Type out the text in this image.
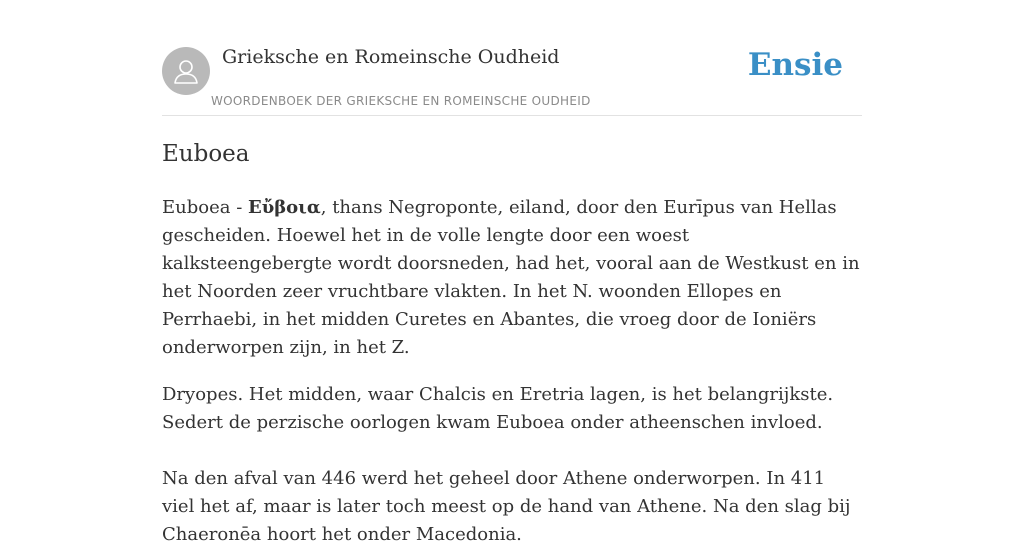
Grieksche en Romeinsche Oudheid
WOORDENBOEK DER GRIEKSCHE EN ROMEINSCHE OUDHEID
Ensie
Euboea

Euboea - Εὔβοια, thans Negroponte, eiland, door den Eurīpus van Hellas gescheiden. Hoewel het in de volle lengte door een woest kalksteengebergte wordt doorsneden, had het, vooral aan de Westkust en in het Noorden zeer vruchtbare vlakten. In het N. woonden Ellopes en Perrhaebi, in het midden Curetes en Abantes, die vroeg door de Ioniërs onderworpen zijn, in het Z.

Dryopes. Het midden, waar Chalcis en Eretria lagen, is het belangrijkste. Sedert de perzische oorlogen kwam Euboea onder atheenschen invloed.

Na den afval van 446 werd het geheel door Athene onderworpen. In 411 viel het af, maar is later toch meest op de hand van Athene. Na den slag bij Chaeronēa hoort het onder Macedonia.
